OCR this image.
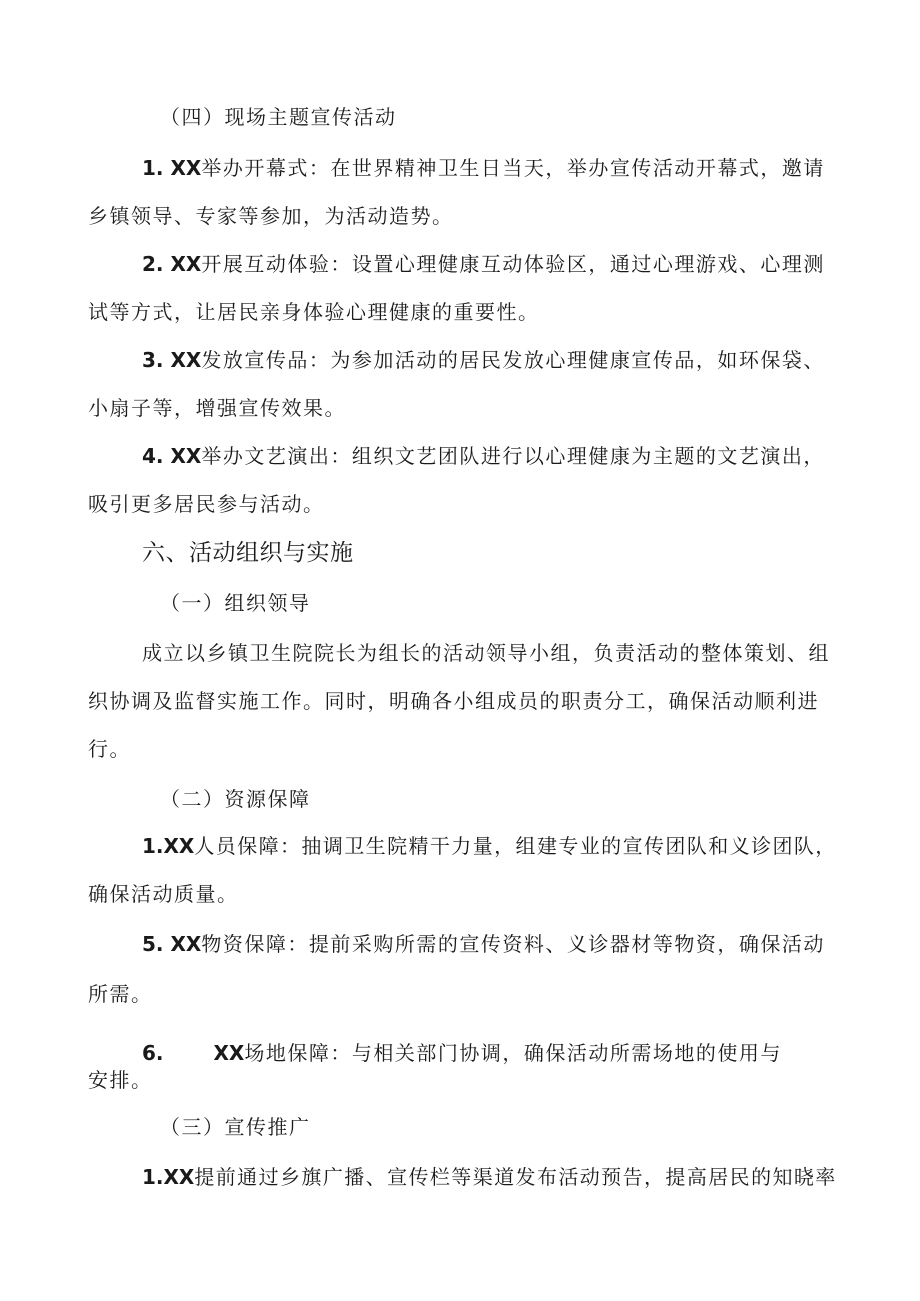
（四）现场主题宣传活动
1. XX举办开幕式：在世界精神卫生日当天，举办宣传活动开幕式，邀请
乡镇领导、专家等参加，为活动造势。
2. XX开展互动体验：设置心理健康互动体验区，通过心理游戏、心理测
试等方式，让居民亲身体验心理健康的重要性。
3. XX发放宣传品：为参加活动的居民发放心理健康宣传品，如环保袋、
小扇子等，增强宣传效果。
4. XX举办文艺演出：组织文艺团队进行以心理健康为主题的文艺演出，
吸引更多居民参与活动。
六、活动组织与实施
（一）组织领导
成立以乡镇卫生院院长为组长的活动领导小组，负责活动的整体策划、组
织协调及监督实施工作。同时，明确各小组成员的职责分工，确保活动顺利进
行。
（二）资源保障
1.XX人员保障：抽调卫生院精干力量，组建专业的宣传团队和义诊团队，
确保活动质量。
5. XX物资保障：提前采购所需的宣传资料、义诊器材等物资，确保活动
所需。
6.	XX场地保障：与相关部门协调，确保活动所需场地的使用与
安排。
（三）宣传推广
1.XX提前通过乡旗广播、宣传栏等渠道发布活动预告，提高居民的知晓率
